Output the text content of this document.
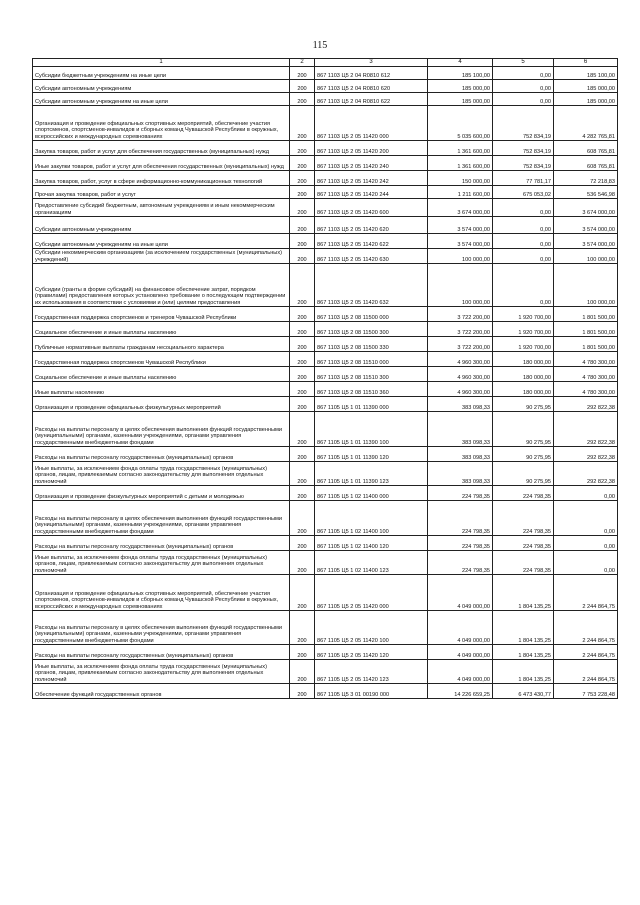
115
1	2	3	4	5	6
Субсидии бюджетным учреждениям на иные цели	200	867 1103 Ц5 2 04 R0810 612	185 100,00	0,00	185 100,00
Субсидии автономным учреждениям	200	867 1103 Ц5 2 04 R0810 620	185 000,00	0,00	185 000,00
Субсидии автономным учреждениям на иные цели	200	867 1103 Ц5 2 04 R0810 622	185 000,00	0,00	185 000,00
Организация и проведение официальных спортивных мероприятий, обеспечение участия спортсменов, спортсменов-инвалидов и сборных команд Чувашской Республики в окружных, всероссийских и международных соревнованиях	200	867 1103 Ц5 2 05 11420 000	5 035 600,00	752 834,19	4 282 765,81
Закупка товаров, работ и услуг для обеспечения государственных (муниципальных) нужд	200	867 1103 Ц5 2 05 11420 200	1 361 600,00	752 834,19	608 765,81
Иные закупки товаров, работ и услуг для обеспечения государственных (муниципальных) нужд	200	867 1103 Ц5 2 05 11420 240	1 361 600,00	752 834,19	608 765,81
Закупка товаров, работ, услуг в сфере информационно-коммуникационных технологий	200	867 1103 Ц5 2 05 11420 242	150 000,00	77 781,17	72 218,83
Прочая закупка товаров, работ и услуг	200	867 1103 Ц5 2 05 11420 244	1 211 600,00	675 053,02	536 546,98
Предоставление субсидий бюджетным, автономным учреждениям и иным некоммерческим организациям	200	867 1103 Ц5 2 05 11420 600	3 674 000,00	0,00	3 674 000,00
Субсидии автономным учреждениям	200	867 1103 Ц5 2 05 11420 620	3 574 000,00	0,00	3 574 000,00
Субсидии автономным учреждениям на иные цели	200	867 1103 Ц5 2 05 11420 622	3 574 000,00	0,00	3 574 000,00
Субсидии некоммерческим организациям (за исключением государственных (муниципальных) учреждений)	200	867 1103 Ц5 2 05 11420 630	100 000,00	0,00	100 000,00
Субсидии (гранты в форме субсидий) на финансовое обеспечение затрат, порядком (правилами) предоставления которых установлено требование о последующем подтверждении их использования в соответствии с условиями и (или) целями предоставления	200	867 1103 Ц5 2 05 11420 632	100 000,00	0,00	100 000,00
Государственная поддержка спортсменов и тренеров Чувашской Республики	200	867 1103 Ц5 2 08 11500 000	3 722 200,00	1 920 700,00	1 801 500,00
Социальное обеспечение и иные выплаты населению	200	867 1103 Ц5 2 08 11500 300	3 722 200,00	1 920 700,00	1 801 500,00
Публичные нормативные выплаты гражданам несоциального характера	200	867 1103 Ц5 2 08 11500 330	3 722 200,00	1 920 700,00	1 801 500,00
Государственная поддержка спортсменов Чувашской Республики	200	867 1103 Ц5 2 08 11510 000	4 960 300,00	180 000,00	4 780 300,00
Социальное обеспечение и иные выплаты населению	200	867 1103 Ц5 2 08 11510 300	4 960 300,00	180 000,00	4 780 300,00
Иные выплаты населению	200	867 1103 Ц5 2 08 11510 360	4 960 300,00	180 000,00	4 780 300,00
Организация и проведение официальных физкультурных мероприятий	200	867 1105 Ц5 1 01 11390 000	383 098,33	90 275,95	292 822,38
Расходы на выплаты персоналу в целях обеспечения выполнения функций государственными (муниципальными) органами, казенными учреждениями, органами управления государственными внебюджетными фондами	200	867 1105 Ц5 1 01 11390 100	383 098,33	90 275,95	292 822,38
Расходы на выплаты персоналу государственных (муниципальных) органов	200	867 1105 Ц5 1 01 11390 120	383 098,33	90 275,95	292 822,38
Иные выплаты, за исключением фонда оплаты труда государственных (муниципальных) органов, лицам, привлекаемым согласно законодательству для выполнения отдельных полномочий	200	867 1105 Ц5 1 01 11390 123	383 098,33	90 275,95	292 822,38
Организация и проведение физкультурных мероприятий с детьми и молодежью	200	867 1105 Ц5 1 02 11400 000	224 798,35	224 798,35	0,00
Расходы на выплаты персоналу в целях обеспечения выполнения функций государственными (муниципальными) органами, казенными учреждениями, органами управления государственными внебюджетными фондами	200	867 1105 Ц5 1 02 11400 100	224 798,35	224 798,35	0,00
Расходы на выплаты персоналу государственных (муниципальных) органов	200	867 1105 Ц5 1 02 11400 120	224 798,35	224 798,35	0,00
Иные выплаты, за исключением фонда оплаты труда государственных (муниципальных) органов, лицам, привлекаемым согласно законодательству для выполнения отдельных полномочий	200	867 1105 Ц5 1 02 11400 123	224 798,35	224 798,35	0,00
Организация и проведение официальных спортивных мероприятий, обеспечение участия спортсменов, спортсменов-инвалидов и сборных команд Чувашской Республики в окружных, всероссийских и международных соревнованиях	200	867 1105 Ц5 2 05 11420 000	4 049 000,00	1 804 135,25	2 244 864,75
Расходы на выплаты персоналу в целях обеспечения выполнения функций государственными (муниципальными) органами, казенными учреждениями, органами управления государственными внебюджетными фондами	200	867 1105 Ц5 2 05 11420 100	4 049 000,00	1 804 135,25	2 244 864,75
Расходы на выплаты персоналу государственных (муниципальных) органов	200	867 1105 Ц5 2 05 11420 120	4 049 000,00	1 804 135,25	2 244 864,75
Иные выплаты, за исключением фонда оплаты труда государственных (муниципальных) органов, лицам, привлекаемым согласно законодательству для выполнения отдельных полномочий	200	867 1105 Ц5 2 05 11420 123	4 049 000,00	1 804 135,25	2 244 864,75
Обеспечение функций государственных органов	200	867 1105 Ц5 3 01 00190 000	14 226 659,25	6 473 430,77	7 753 228,48
